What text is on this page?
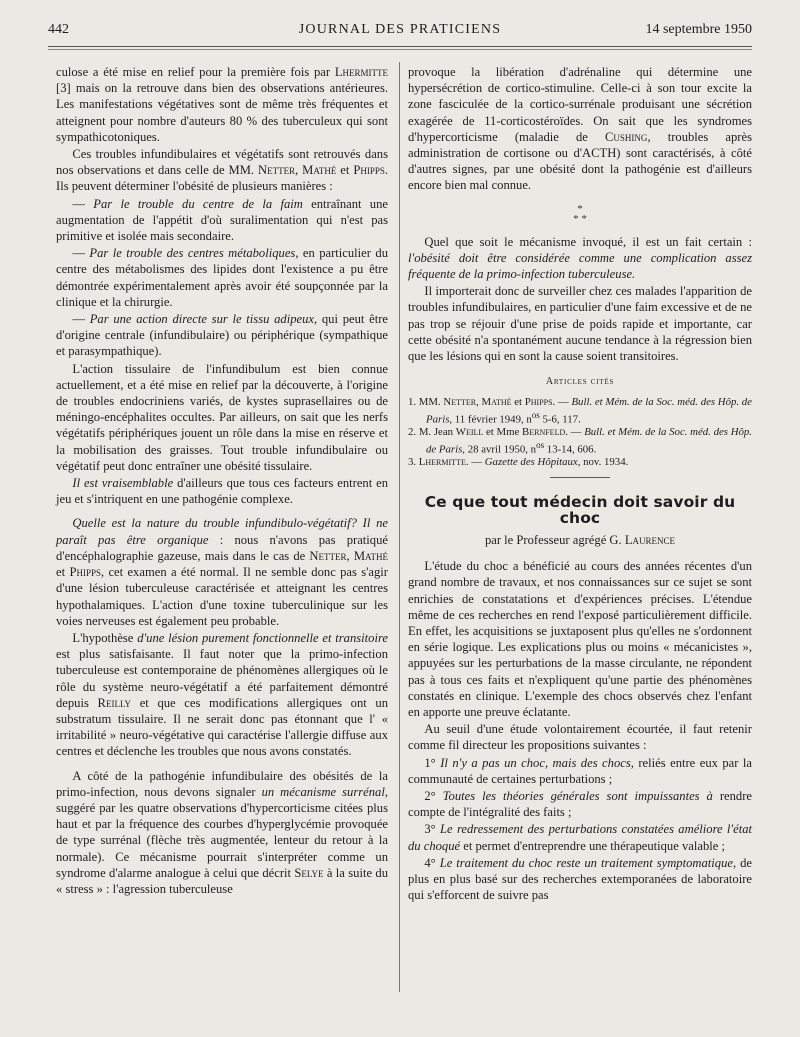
442	JOURNAL DES PRATICIENS	14 septembre 1950

culose a été mise en relief pour la première fois par Lhermitte [3] mais on la retrouve dans bien des observations antérieures. Les manifestations végétatives sont de même très fréquentes et atteignent pour nombre d'auteurs 80 % des tuberculeux qui sont sympathicotoniques.

Ces troubles infundibulaires et végétatifs sont retrouvés dans nos observations et dans celle de MM. Netter, Mathé et Phipps. Ils peuvent déterminer l'obésité de plusieurs manières :

— Par le trouble du centre de la faim entraînant une augmentation de l'appétit d'où suralimentation qui n'est pas primitive et isolée mais secondaire.

— Par le trouble des centres métaboliques, en particulier du centre des métabolismes des lipides dont l'existence a pu être démontrée expérimentalement après avoir été soupçonnée par la clinique et la chirurgie.

— Par une action directe sur le tissu adipeux, qui peut être d'origine centrale (infundibulaire) ou périphérique (sympathique et parasympathique).

L'action tissulaire de l'infundibulum est bien connue actuellement, et a été mise en relief par la découverte, à l'origine de troubles endocriniens variés, de kystes suprasellaires ou de méningo-encéphalites occultes. Par ailleurs, on sait que les nerfs végétatifs périphériques jouent un rôle dans la mise en réserve et la mobilisation des graisses. Tout trouble infundibulaire ou végétatif peut donc entraîner une obésité tissulaire.

Il est vraisemblable d'ailleurs que tous ces facteurs entrent en jeu et s'intriquent en une pathogénie complexe.

Quelle est la nature du trouble infundibulo-végétatif? Il ne paraît pas être organique : nous n'avons pas pratiqué d'encéphalographie gazeuse, mais dans le cas de Netter, Mathé et Phipps, cet examen a été normal. Il ne semble donc pas s'agir d'une lésion tuberculeuse caractérisée et atteignant les centres hypothalamiques. L'action d'une toxine tuberculinique sur les voies nerveuses est également peu probable.

L'hypothèse d'une lésion purement fonctionnelle et transitoire est plus satisfaisante. Il faut noter que la primo-infection tuberculeuse est contemporaine de phénomènes allergiques où le rôle du système neuro-végétatif a été parfaitement démontré depuis Reilly et que ces modifications allergiques ont un substratum tissulaire. Il ne serait donc pas étonnant que l' « irritabilité » neuro-végétative qui caractérise l'allergie diffuse aux centres et déclenche les troubles que nous avons constatés.

A côté de la pathogénie infundibulaire des obésités de la primo-infection, nous devons signaler un mécanisme surrénal, suggéré par les quatre observations d'hypercorticisme citées plus haut et par la fréquence des courbes d'hyperglycémie provoquée de type surrénal (flèche très augmentée, lenteur du retour à la normale). Ce mécanisme pourrait s'interpréter comme un syndrome d'alarme analogue à celui que décrit Selye à la suite du « stress » : l'agression tuberculeuse

provoque la libération d'adrénaline qui détermine une hypersécrétion de cortico-stimuline. Celle-ci à son tour excite la zone fasciculée de la cortico-surrénale produisant une sécrétion exagérée de 11-corticostéroïdes. On sait que les syndromes d'hypercorticisme (maladie de Cushing, troubles après administration de cortisone ou d'ACTH) sont caractérisés, à côté d'autres signes, par une obésité dont la pathogénie est d'ailleurs encore bien mal connue.

*
* *

Quel que soit le mécanisme invoqué, il est un fait certain : l'obésité doit être considérée comme une complication assez fréquente de la primo-infection tuberculeuse.

Il importerait donc de surveiller chez ces malades l'apparition de troubles infundibulaires, en particulier d'une faim excessive et de ne pas trop se réjouir d'une prise de poids rapide et importante, car cette obésité n'a spontanément aucune tendance à la régression bien que les lésions qui en sont la cause soient transitoires.

Articles cités

1. MM. Netter, Mathé et Phipps. — Bull. et Mém. de la Soc. méd. des Hôp. de Paris, 11 février 1949, $n^{os}$ 5-6, 117.

2. M. Jean Weill et Mme Bernfeld. — Bull. et Mém. de la Soc. méd. des Hôp. de Paris, 28 avril 1950, $n^{os}$ 13-14, 606.

3. Lhermitte. — Gazette des Hôpitaux, nov. 1934.

Ce que tout médecin doit savoir du choc
par le Professeur agrégé G. Laurence

L'étude du choc a bénéficié au cours des années récentes d'un grand nombre de travaux, et nos connaissances sur ce sujet se sont enrichies de constatations et d'expériences précises. L'étendue même de ces recherches en rend l'exposé particulièrement difficile. En effet, les acquisitions se juxtaposent plus qu'elles ne s'ordonnent en série logique. Les explications plus ou moins « mécanicistes », appuyées sur les perturbations de la masse circulante, ne répondent pas à tous ces faits et n'expliquent qu'une partie des phénomènes constatés en clinique. L'exemple des chocs observés chez l'enfant en apporte une preuve éclatante.

Au seuil d'une étude volontairement écourtée, il faut retenir comme fil directeur les propositions suivantes :

1° Il n'y a pas un choc, mais des chocs, reliés entre eux par la communauté de certaines perturbations ;

2° Toutes les théories générales sont impuissantes à rendre compte de l'intégralité des faits ;

3° Le redressement des perturbations constatées améliore l'état du choqué et permet d'entreprendre une thérapeutique valable ;

4° Le traitement du choc reste un traitement symptomatique, de plus en plus basé sur des recherches extemporanées de laboratoire qui s'efforcent de suivre pas
